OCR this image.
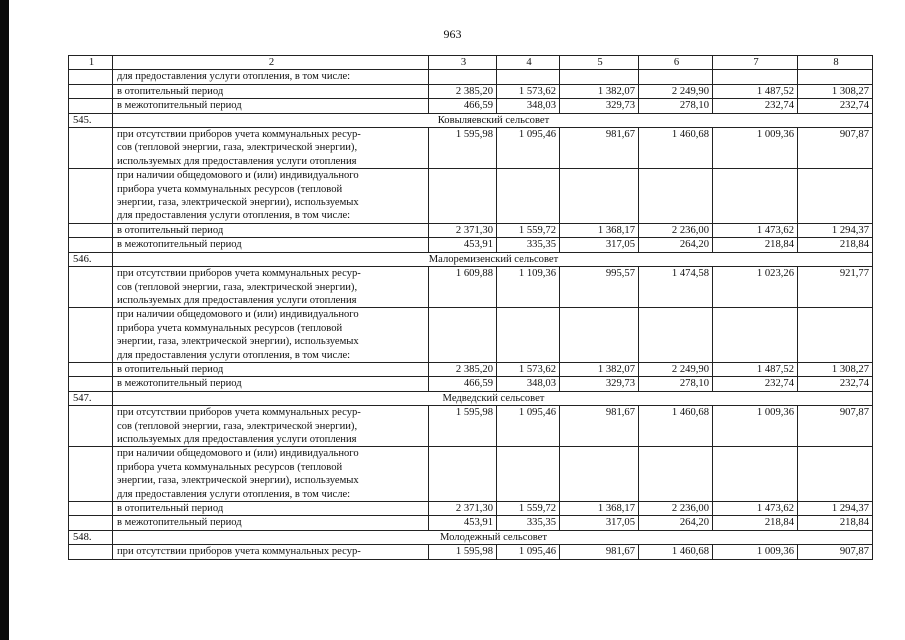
963
1	2	3	4	5	6	7	8
	для предоставления услуги отопления, в том числе:						
	в отопительный период	2 385,20	1 573,62	1 382,07	2 249,90	1 487,52	1 308,27
	в межотопительный период	466,59	348,03	329,73	278,10	232,74	232,74
545.	Ковыляевский сельсовет						
	при отсутствии приборов учета коммунальных ресур-
сов (тепловой энергии, газа, электрической энергии),
используемых для предоставления услуги отопления	1 595,98	1 095,46	981,67	1 460,68	1 009,36	907,87
	при наличии общедомового и (или) индивидуального
прибора учета коммунальных ресурсов (тепловой
энергии, газа, электрической энергии), используемых
для предоставления услуги отопления, в том числе:						
	в отопительный период	2 371,30	1 559,72	1 368,17	2 236,00	1 473,62	1 294,37
	в межотопительный период	453,91	335,35	317,05	264,20	218,84	218,84
546.	Малоремизенский сельсовет						
	при отсутствии приборов учета коммунальных ресур-
сов (тепловой энергии, газа, электрической энергии),
используемых для предоставления услуги отопления	1 609,88	1 109,36	995,57	1 474,58	1 023,26	921,77
	при наличии общедомового и (или) индивидуального
прибора учета коммунальных ресурсов (тепловой
энергии, газа, электрической энергии), используемых
для предоставления услуги отопления, в том числе:						
	в отопительный период	2 385,20	1 573,62	1 382,07	2 249,90	1 487,52	1 308,27
	в межотопительный период	466,59	348,03	329,73	278,10	232,74	232,74
547.	Медведский сельсовет						
	при отсутствии приборов учета коммунальных ресур-
сов (тепловой энергии, газа, электрической энергии),
используемых для предоставления услуги отопления	1 595,98	1 095,46	981,67	1 460,68	1 009,36	907,87
	при наличии общедомового и (или) индивидуального
прибора учета коммунальных ресурсов (тепловой
энергии, газа, электрической энергии), используемых
для предоставления услуги отопления, в том числе:						
	в отопительный период	2 371,30	1 559,72	1 368,17	2 236,00	1 473,62	1 294,37
	в межотопительный период	453,91	335,35	317,05	264,20	218,84	218,84
548.	Молодежный сельсовет						
	при отсутствии приборов учета коммунальных ресур-	1 595,98	1 095,46	981,67	1 460,68	1 009,36	907,87
